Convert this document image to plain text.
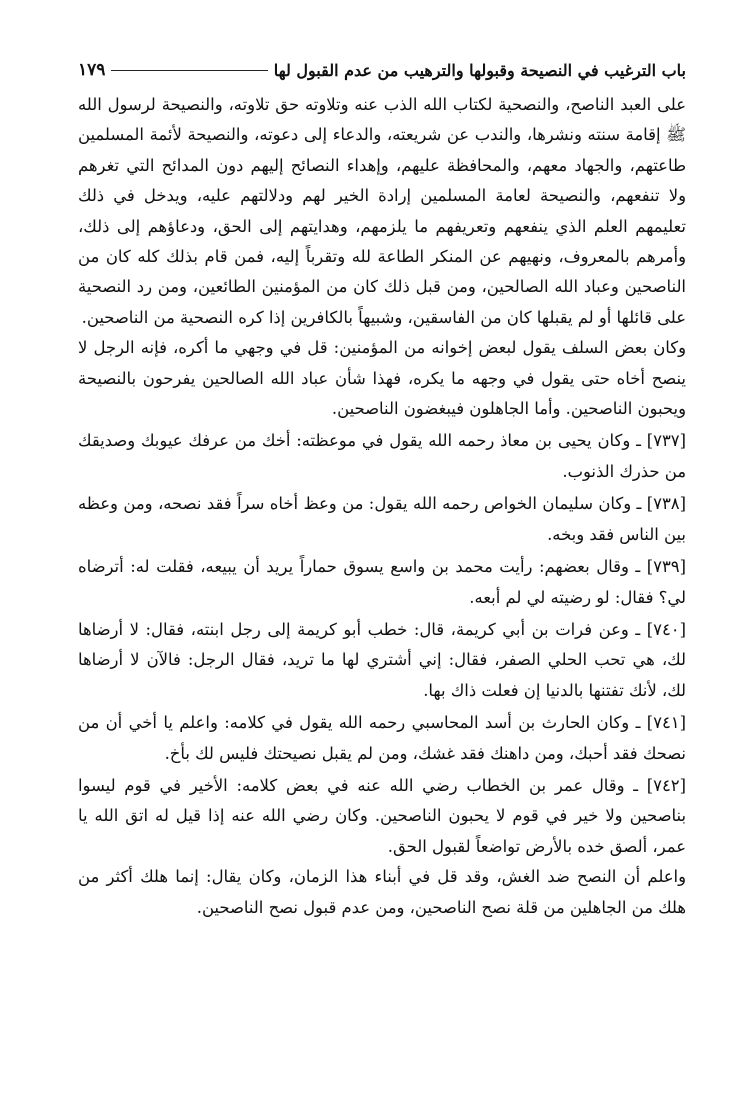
باب الترغيب في النصيحة وقبولها والترهيب من عدم القبول لها
١٧٩

على العبد الناصح، والنصحية لكتاب الله الذب عنه وتلاوته حق تلاوته، والنصيحة لرسول الله ﷺ إقامة سنته ونشرها، والندب عن شريعته، والدعاء إلى دعوته، والنصيحة لأئمة المسلمين طاعتهم، والجهاد معهم، والمحافظة عليهم، وإهداء النصائح إليهم دون المدائح التي تغرهم ولا تنفعهم، والنصيحة لعامة المسلمين إرادة الخير لهم ودلالتهم عليه، ويدخل في ذلك تعليمهم العلم الذي ينفعهم وتعريفهم ما يلزمهم، وهدايتهم إلى الحق، ودعاؤهم إلى ذلك، وأمرهم بالمعروف، ونهيهم عن المنكر الطاعة لله وتقرباً إليه، فمن قام بذلك كله كان من الناصحين وعباد الله الصالحين، ومن قبل ذلك كان من المؤمنين الطائعين، ومن رد النصحية على قائلها أو لم يقبلها كان من الفاسقين، وشبيهاً بالكافرين إذا كره النصحية من الناصحين.

وكان بعض السلف يقول لبعض إخوانه من المؤمنين: قل في وجهي ما أكره، فإنه الرجل لا ينصح أخاه حتى يقول في وجهه ما يكره، فهذا شأن عباد الله الصالحين يفرحون بالنصيحة ويحبون الناصحين. وأما الجاهلون فيبغضون الناصحين.

[٧٣٧] ـ وكان يحيى بن معاذ رحمه الله يقول في موعظته: أخك من عرفك عيوبك وصديقك من حذرك الذنوب.

[٧٣٨] ـ وكان سليمان الخواص رحمه الله يقول: من وعظ أخاه سراً فقد نصحه، ومن وعظه بين الناس فقد وبخه.

[٧٣٩] ـ وقال بعضهم: رأيت محمد بن واسع يسوق حماراً يريد أن يبيعه، فقلت له: أترضاه لي؟ فقال: لو رضيته لي لم أبعه.

[٧٤٠] ـ وعن فرات بن أبي كريمة، قال: خطب أبو كريمة إلى رجل ابنته، فقال: لا أرضاها لك، هي تحب الحلي الصفر، فقال: إني أشتري لها ما تريد، فقال الرجل: فالآن لا أرضاها لك، لأنك تفتنها بالدنيا إن فعلت ذاك بها.

[٧٤١] ـ وكان الحارث بن أسد المحاسبي رحمه الله يقول في كلامه: واعلم يا أخي أن من نصحك فقد أحبك، ومن داهنك فقد غشك، ومن لم يقبل نصيحتك فليس لك بأخ.

[٧٤٢] ـ وقال عمر بن الخطاب رضي الله عنه في بعض كلامه: الأخير في قوم ليسوا بناصحين ولا خير في قوم لا يحبون الناصحين. وكان رضي الله عنه إذا قيل له اتق الله يا عمر، ألصق خده بالأرض تواضعاً لقبول الحق.

واعلم أن النصح ضد الغش، وقد قل في أبناء هذا الزمان، وكان يقال: إنما هلك أكثر من هلك من الجاهلين من قلة نصح الناصحين، ومن عدم قبول نصح الناصحين.
